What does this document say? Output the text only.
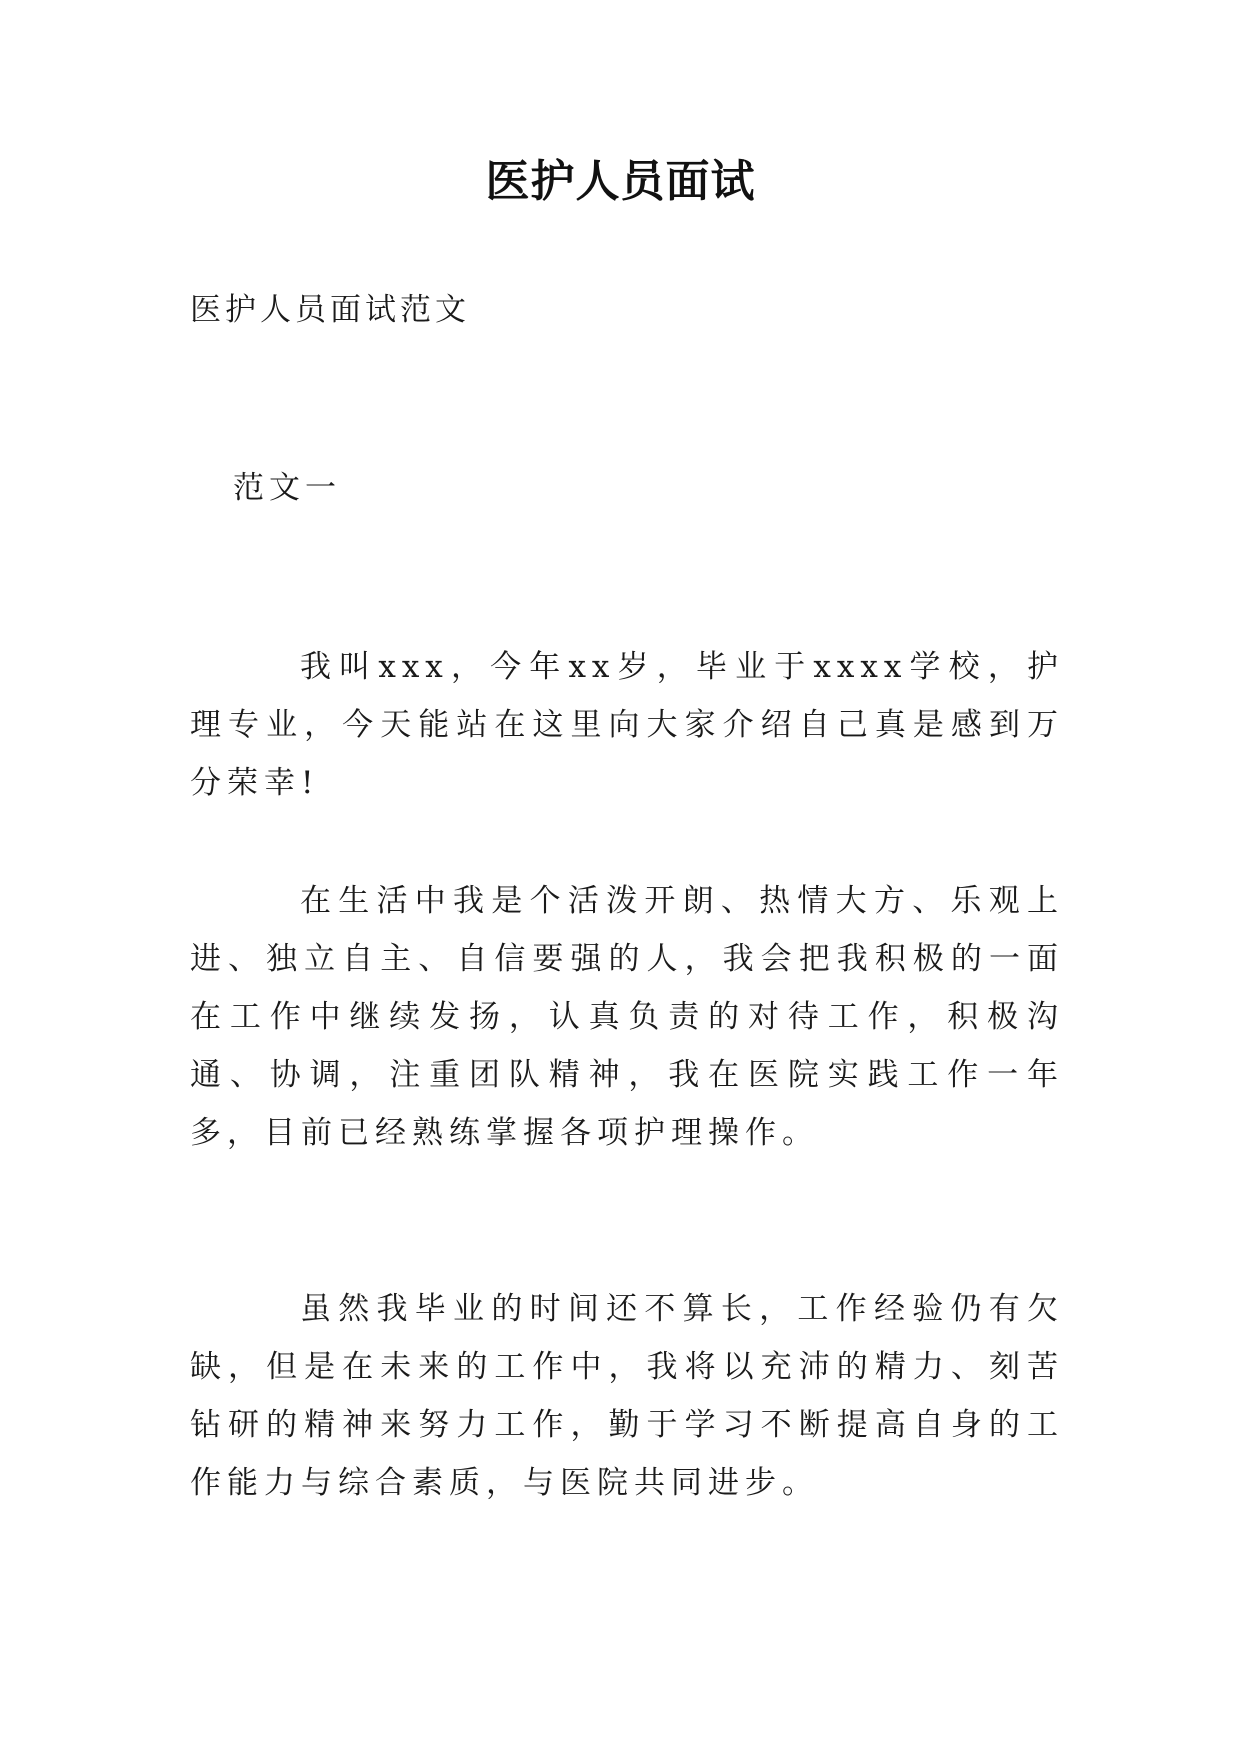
医护人员面试
医护人员面试范文
范文一

我叫xxx，今年xx岁，毕业于xxxx学校，护理专业，今天能站在这里向大家介绍自己真是感到万分荣幸!

在生活中我是个活泼开朗、热情大方、乐观上进、独立自主、自信要强的人，我会把我积极的一面在工作中继续发扬，认真负责的对待工作，积极沟通、协调，注重团队精神，我在医院实践工作一年多，目前已经熟练掌握各项护理操作。

虽然我毕业的时间还不算长，工作经验仍有欠缺，但是在未来的工作中，我将以充沛的精力、刻苦钻研的精神来努力工作，勤于学习不断提高自身的工作能力与综合素质，与医院共同进步。
